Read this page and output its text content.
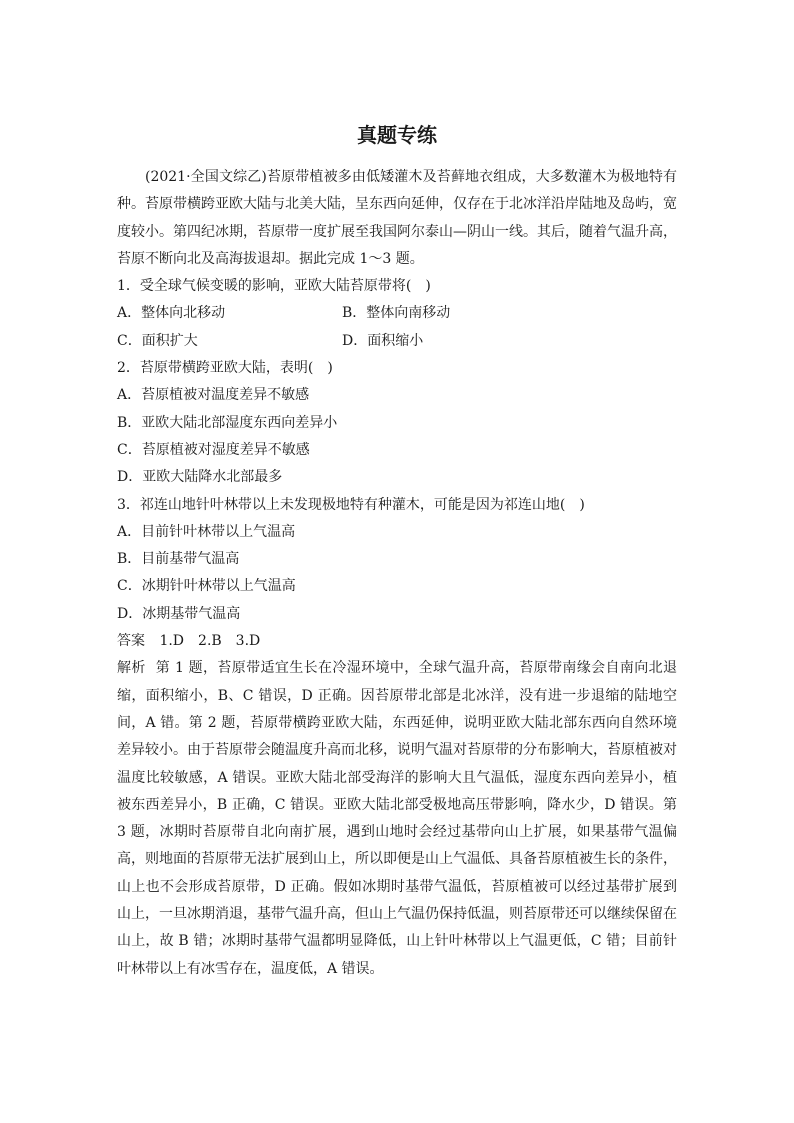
真题专练

(2021·全国文综乙)苔原带植被多由低矮灌木及苔藓地衣组成，大多数灌木为极地特有种。苔原带横跨亚欧大陆与北美大陆，呈东西向延伸，仅存在于北冰洋沿岸陆地及岛屿，宽度较小。第四纪冰期，苔原带一度扩展至我国阿尔泰山—阴山一线。其后，随着气温升高，苔原不断向北及高海拔退却。据此完成 1～3 题。

1．受全球气候变暖的影响，亚欧大陆苔原带将(　)
A．整体向北移动	B．整体向南移动
C．面积扩大	D．面积缩小
2．苔原带横跨亚欧大陆，表明(　)
A．苔原植被对温度差异不敏感
B．亚欧大陆北部湿度东西向差异小
C．苔原植被对湿度差异不敏感
D．亚欧大陆降水北部最多
3．祁连山地针叶林带以上未发现极地特有种灌木，可能是因为祁连山地(　)
A．目前针叶林带以上气温高
B．目前基带气温高
C．冰期针叶林带以上气温高
D．冰期基带气温高
答案 1.D　2.B　3.D

解析 第 1 题，苔原带适宜生长在冷湿环境中，全球气温升高，苔原带南缘会自南向北退缩，面积缩小，B、C 错误，D 正确。因苔原带北部是北冰洋，没有进一步退缩的陆地空间，A 错。第 2 题，苔原带横跨亚欧大陆，东西延伸，说明亚欧大陆北部东西向自然环境差异较小。由于苔原带会随温度升高而北移，说明气温对苔原带的分布影响大，苔原植被对温度比较敏感，A 错误。亚欧大陆北部受海洋的影响大且气温低，湿度东西向差异小，植被东西差异小，B 正确，C 错误。亚欧大陆北部受极地高压带影响，降水少，D 错误。第 3 题，冰期时苔原带自北向南扩展，遇到山地时会经过基带向山上扩展，如果基带气温偏高，则地面的苔原带无法扩展到山上，所以即便是山上气温低、具备苔原植被生长的条件，山上也不会形成苔原带，D 正确。假如冰期时基带气温低，苔原植被可以经过基带扩展到山上，一旦冰期消退，基带气温升高，但山上气温仍保持低温，则苔原带还可以继续保留在山上，故 B 错；冰期时基带气温都明显降低，山上针叶林带以上气温更低，C 错；目前针叶林带以上有冰雪存在，温度低，A 错误。
